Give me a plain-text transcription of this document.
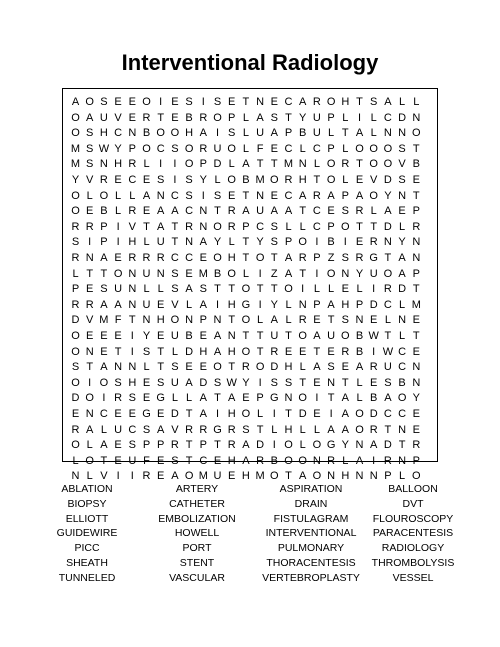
Interventional Radiology
A O S E E O I E S I S E T N E C A R O H T S A L L
O A U V E R T E B R O P L A S T Y U P L I L C D N
O S H C N B O O H A I S L U A P B U L T A L N N O
M S W Y P O C S O R U O L F E C L C P L O O O S T
M S N H R L I	I O P D L A T T M N L O R T O O V B
Y V R E C E S I S Y L O B M O R H T O L E V D S E
O L O L L A N C S I S E T N E C A R A P A O Y N T
O E B L R E A A C N T R A U A A T C E S R L A E P
R R P I V T A T R N O R P C S L L C P O T T D L R
S I P I H L U T N A Y L T Y S P O I B I E R N Y N
R N A E R R R C C E O H T O T A R P Z S R G T A N
L T T O N U N S E M B O L I Z A T I O N Y U O A P
P E S U N L L S A S T T O T T O I L L E L I R D T
R R A A N U E V L A I H G I Y L N P A H P D C L M
D V M F T N H O N P N T O L A L R E T S N E L N E
O E E E I Y E U B E A N T T U T O A U O B W T L T
O N E T I S T L D H A H O T R E E T E R B I W C E
S T A N N L T S E E O T R O D H L A S E A R U C N
O I O S H E S U A D S W Y I S S T E N T L E S B N
D O I R S E G L L A T A E P G N O I T A L B A O Y
E N C E E G E D T A I H O L I T D E I A O D C C E
R A L U C S A V R R G R S T L H L L A A O R T N E
O L A E S P P R T P T R A D I O L O G Y N A D T R
L O T E U F E S T C E H A R B O O N R L A I R N P
N L V I	I R E A O M U E H M O T A O N H N N P L O
ABLATION	ARTERY	ASPIRATION	BALLOON
BIOPSY	CATHETER	DRAIN	DVT
ELLIOTT	EMBOLIZATION	FISTULAGRAM	FLOUROSCOPY
GUIDEWIRE	HOWELL	INTERVENTIONAL	PARACENTESIS
PICC	PORT	PULMONARY	RADIOLOGY
SHEATH	STENT	THORACENTESIS	THROMBOLYSIS
TUNNELED	VASCULAR	VERTEBROPLASTY	VESSEL
